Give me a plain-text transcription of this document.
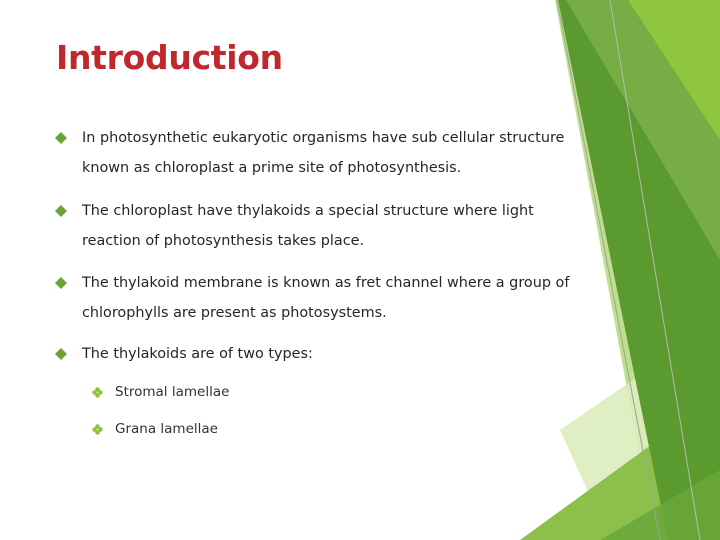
Introduction
In photosynthetic eukaryotic organisms have sub cellular structure known as chloroplast a prime site of photosynthesis.
The chloroplast have thylakoids a special structure where light reaction of photosynthesis takes place.
The thylakoid membrane is known as fret channel where a group of chlorophylls are present as photosystems.
The thylakoids are of two types:
Stromal lamellae
Grana lamellae
